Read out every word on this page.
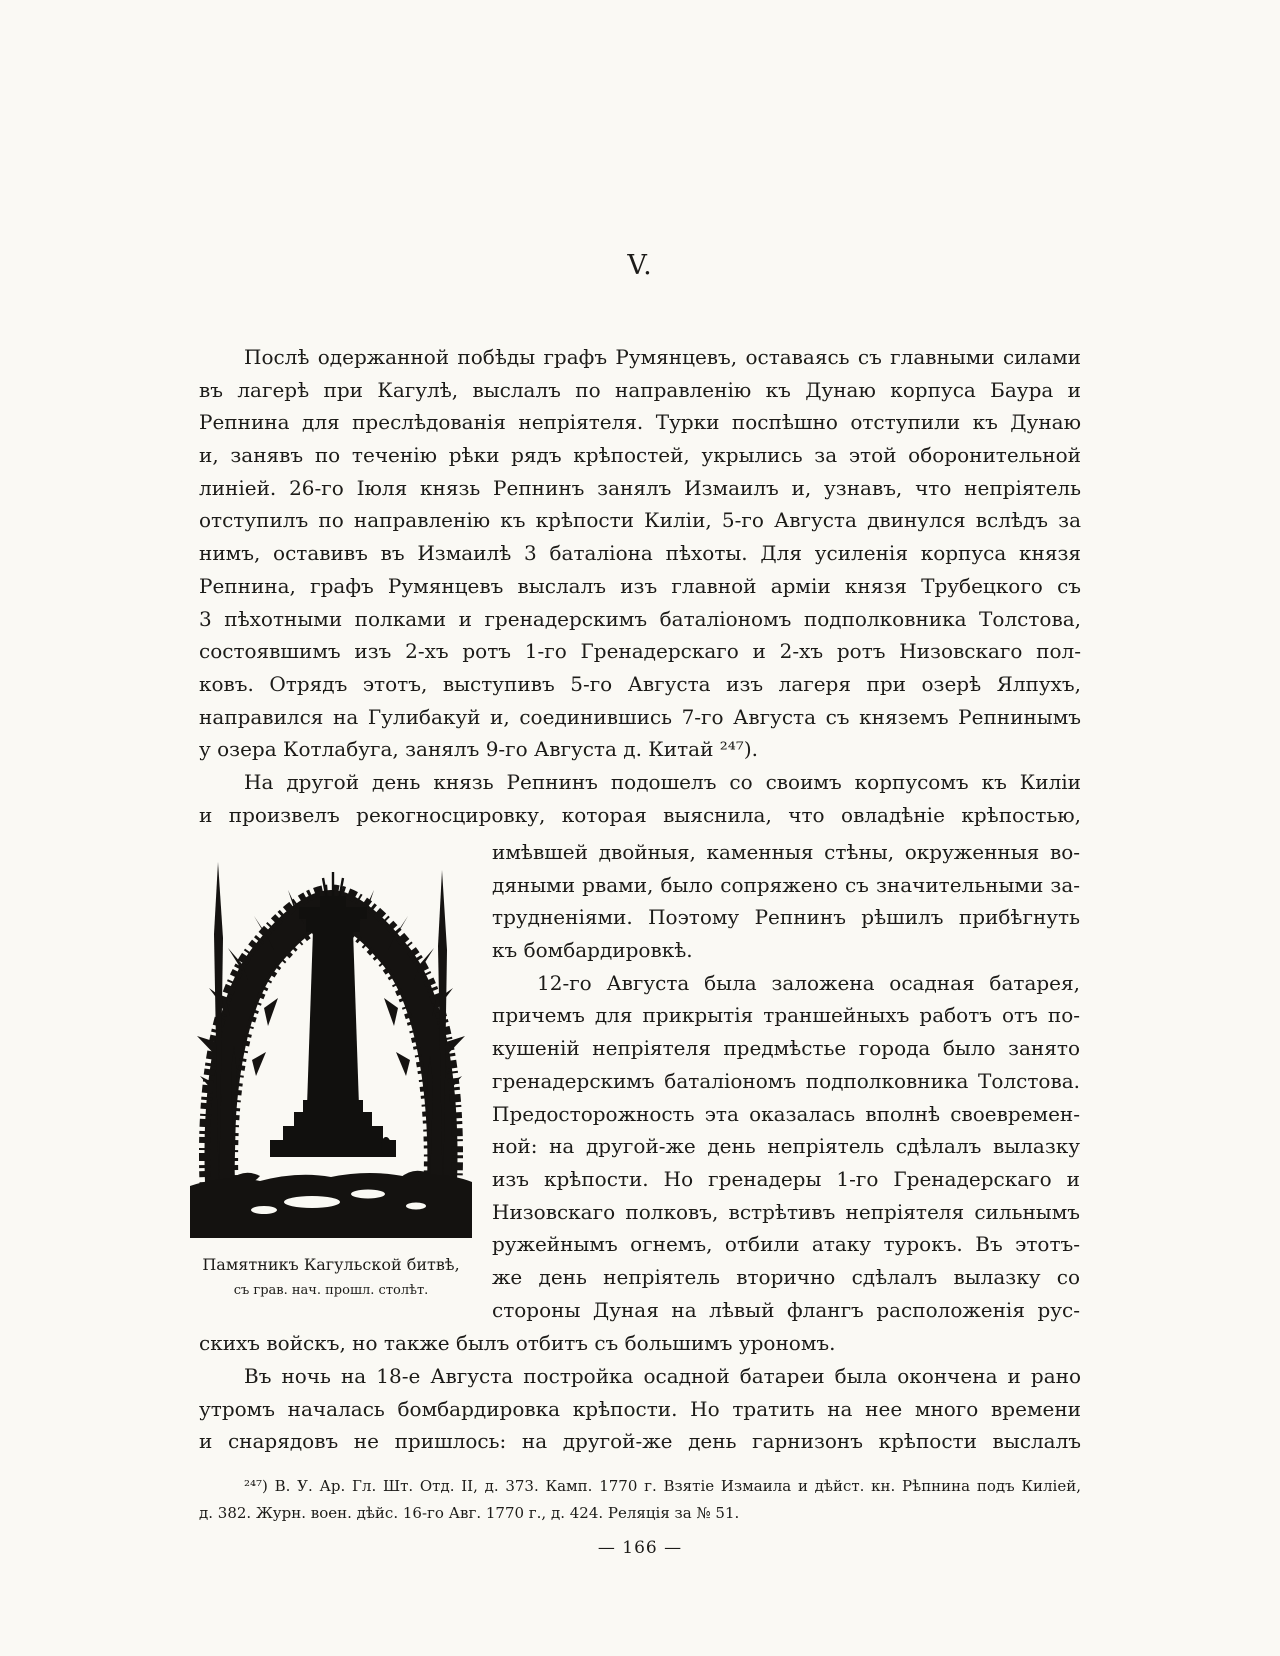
V.
Послѣ одержанной побѣды графъ Румянцевъ, оставаясь съ главными силами
въ лагерѣ при Кагулѣ, выслалъ по направленію къ Дунаю корпуса Баура и
Репнина для преслѣдованія непріятеля. Турки поспѣшно отступили къ Дунаю
и, занявъ по теченію рѣки рядъ крѣпостей, укрылись за этой оборонительной
линіей. 26-го Іюля князь Репнинъ занялъ Измаилъ и, узнавъ, что непріятель
отступилъ по направленію къ крѣпости Киліи, 5-го Августа двинулся вслѣдъ за
нимъ, оставивъ въ Измаилѣ 3 баталіона пѣхоты. Для усиленія корпуса князя
Репнина, графъ Румянцевъ выслалъ изъ главной арміи князя Трубецкого съ
3 пѣхотными полками и гренадерскимъ баталіономъ подполковника Толстова,
состоявшимъ изъ 2-хъ ротъ 1-го Гренадерскаго и 2-хъ ротъ Низовскаго пол-
ковъ. Отрядъ этотъ, выступивъ 5-го Августа изъ лагеря при озерѣ Ялпухъ,
направился на Гулибакуй и, соединившись 7-го Августа съ княземъ Репнинымъ
у озера Котлабуга, занялъ 9-го Августа д. Китай ²⁴⁷).
На другой день князь Репнинъ подошелъ со своимъ корпусомъ къ Киліи
и произвелъ рекогносцировку, которая выяснила, что овладѣніе крѣпостью,
Памятникъ Кагульской битвѣ,
съ грав. нач. прошл. столѣт.
имѣвшей двойныя, каменныя стѣны, окруженныя во-
дяными рвами, было сопряжено съ значительными за-
трудненіями. Поэтому Репнинъ рѣшилъ прибѣгнуть
къ бомбардировкѣ.
12-го Августа была заложена осадная батарея,
причемъ для прикрытія траншейныхъ работъ отъ по-
кушеній непріятеля предмѣстье города было занято
гренадерскимъ баталіономъ подполковника Толстова.
Предосторожность эта оказалась вполнѣ своевремен-
ной: на другой-же день непріятель сдѣлалъ вылазку
изъ крѣпости. Но гренадеры 1-го Гренадерскаго и
Низовскаго полковъ, встрѣтивъ непріятеля сильнымъ
ружейнымъ огнемъ, отбили атаку турокъ. Въ этотъ-
же день непріятель вторично сдѣлалъ вылазку со
стороны Дуная на лѣвый флангъ расположенія рус-
скихъ войскъ, но также былъ отбитъ съ большимъ урономъ.
Въ ночь на 18-е Августа постройка осадной батареи была окончена и рано
утромъ началась бомбардировка крѣпости. Но тратить на нее много времени
и снарядовъ не пришлось: на другой-же день гарнизонъ крѣпости выслалъ
²⁴⁷) В. У. Ар. Гл. Шт. Отд. II, д. 373. Камп. 1770 г. Взятіе Измаила и дѣйст. кн. Рѣпнина подъ Киліей,
д. 382. Журн. воен. дѣйс. 16-го Авг. 1770 г., д. 424. Реляція за № 51.
— 166 —
